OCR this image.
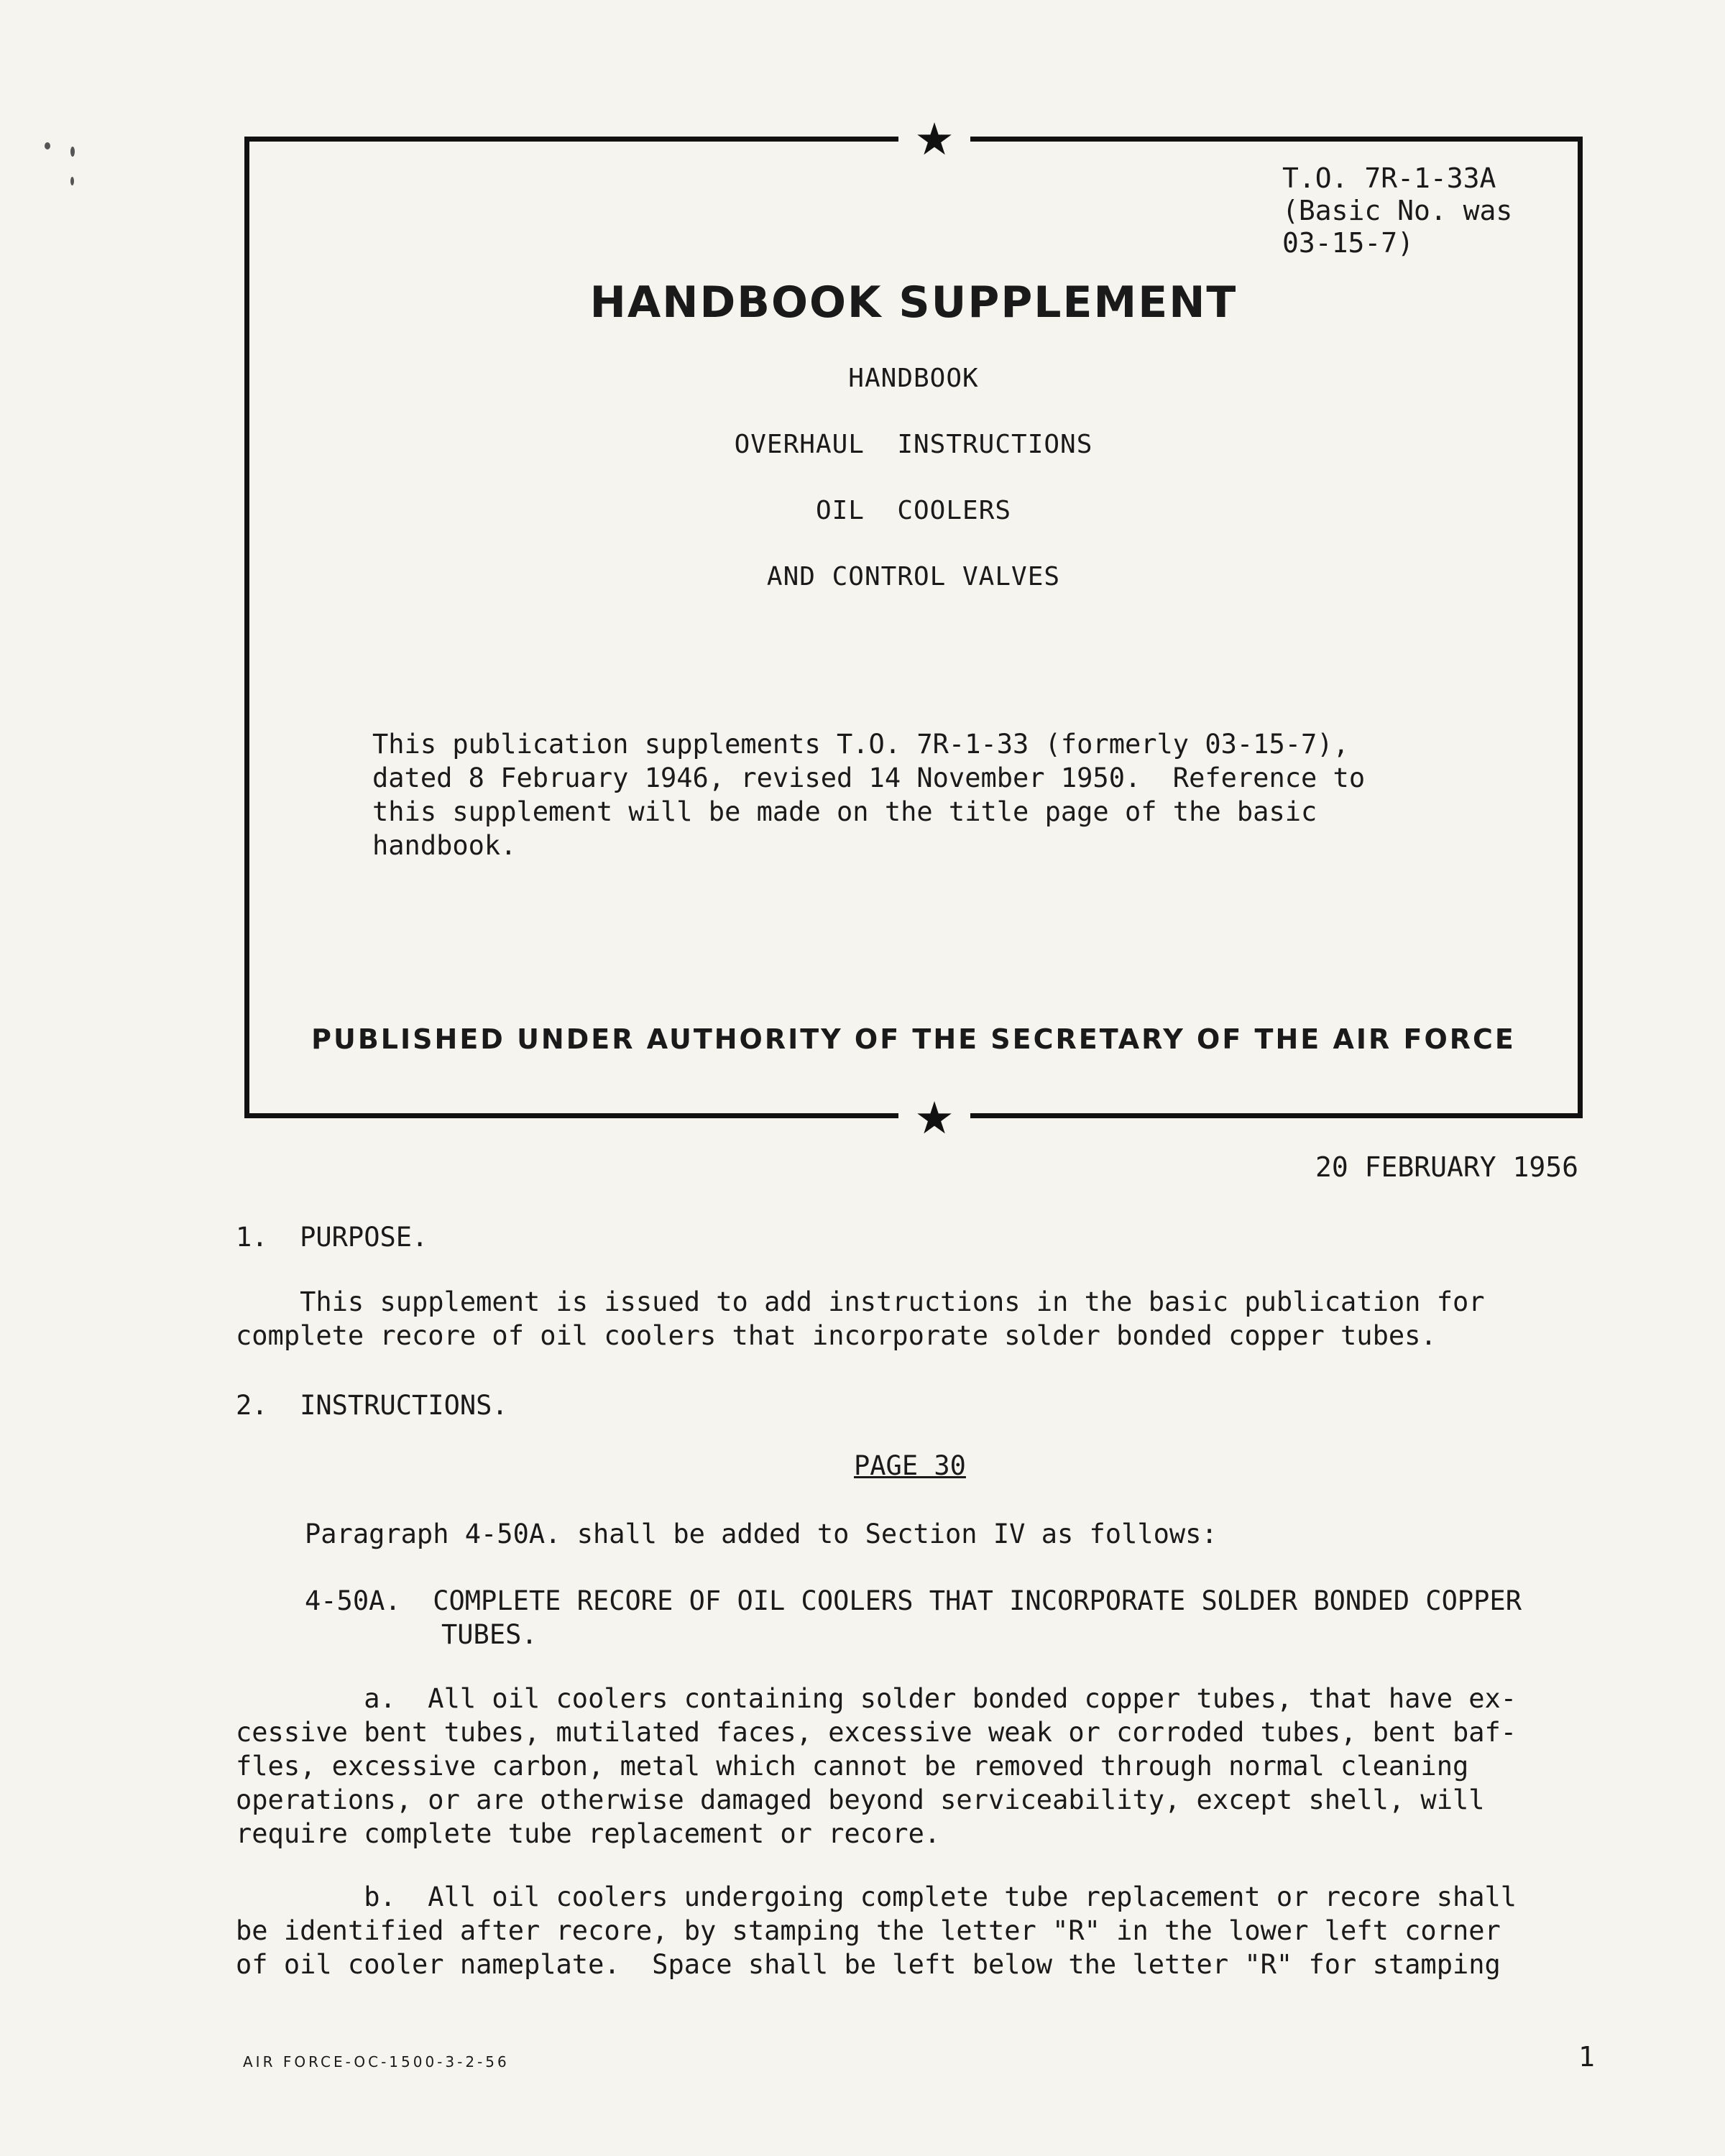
★
★
T.O. 7R-1-33A
(Basic No. was
03-15-7)
HANDBOOK SUPPLEMENT
HANDBOOK
OVERHAUL  INSTRUCTIONS
OIL  COOLERS
AND CONTROL VALVES
This publication supplements T.O. 7R-1-33 (formerly 03-15-7),
dated 8 February 1946, revised 14 November 1950.  Reference to
this supplement will be made on the title page of the basic
handbook.
PUBLISHED UNDER AUTHORITY OF THE SECRETARY OF THE AIR FORCE
20 FEBRUARY 1956
1.  PURPOSE.
This supplement is issued to add instructions in the basic publication for
complete recore of oil coolers that incorporate solder bonded copper tubes.
2.  INSTRUCTIONS.
PAGE 30
Paragraph 4-50A. shall be added to Section IV as follows:
4-50A.  COMPLETE RECORE OF OIL COOLERS THAT INCORPORATE SOLDER BONDED COPPER
TUBES.
a.  All oil coolers containing solder bonded copper tubes, that have ex-
cessive bent tubes, mutilated faces, excessive weak or corroded tubes, bent baf-
fles, excessive carbon, metal which cannot be removed through normal cleaning
operations, or are otherwise damaged beyond serviceability, except shell, will
require complete tube replacement or recore.
b.  All oil coolers undergoing complete tube replacement or recore shall
be identified after recore, by stamping the letter "R" in the lower left corner
of oil cooler nameplate.  Space shall be left below the letter "R" for stamping
AIR FORCE-OC-1500-3-2-56	1
